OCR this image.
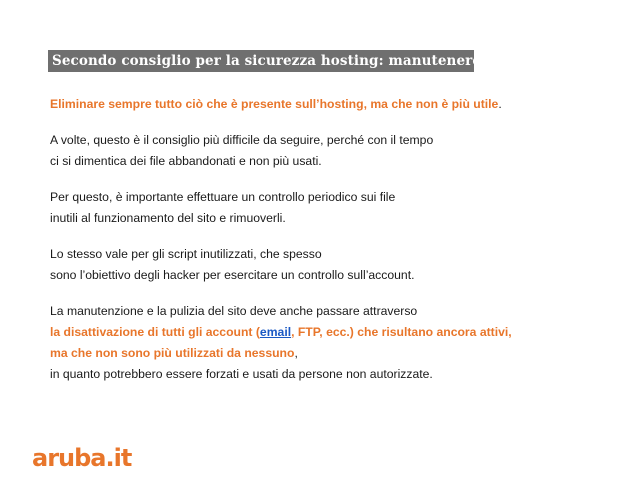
Secondo consiglio per la sicurezza hosting: manutenere il sito
Eliminare sempre tutto ciò che è presente sull’hosting, ma che non è più utile.
A volte, questo è il consiglio più difficile da seguire, perché con il tempo
ci si dimentica dei file abbandonati e non più usati.
Per questo, è importante effettuare un controllo periodico sui file
inutili al funzionamento del sito e rimuoverli.
Lo stesso vale per gli script inutilizzati, che spesso
sono l’obiettivo degli hacker per esercitare un controllo sull’account.
La manutenzione e la pulizia del sito deve anche passare attraverso
la disattivazione di tutti gli account (email, FTP, ecc.) che risultano ancora attivi,
ma che non sono più utilizzati da nessuno,
in quanto potrebbero essere forzati e usati da persone non autorizzate.
aruba.it
